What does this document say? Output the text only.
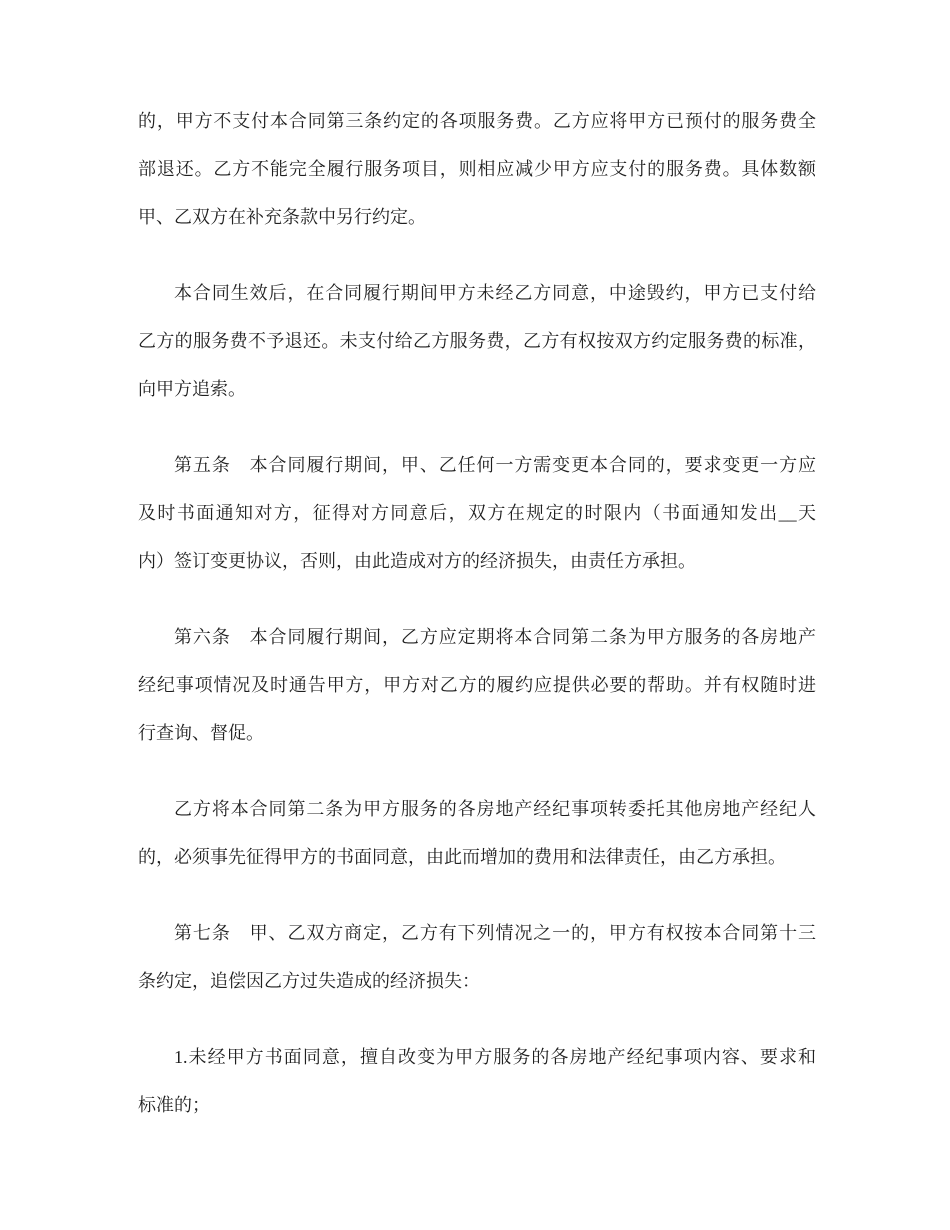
的，甲方不支付本合同第三条约定的各项服务费。乙方应将甲方已预付的服务费全
部退还。乙方不能完全履行服务项目，则相应减少甲方应支付的服务费。具体数额
甲、乙双方在补充条款中另行约定。
本合同生效后，在合同履行期间甲方未经乙方同意，中途毁约，甲方已支付给
乙方的服务费不予退还。未支付给乙方服务费，乙方有权按双方约定服务费的标准，
向甲方追索。
第五条　本合同履行期间，甲、乙任何一方需变更本合同的，要求变更一方应
及时书面通知对方，征得对方同意后，双方在规定的时限内（书面通知发出__天
内）签订变更协议，否则，由此造成对方的经济损失，由责任方承担。
第六条　本合同履行期间，乙方应定期将本合同第二条为甲方服务的各房地产
经纪事项情况及时通告甲方，甲方对乙方的履约应提供必要的帮助。并有权随时进
行查询、督促。
乙方将本合同第二条为甲方服务的各房地产经纪事项转委托其他房地产经纪人
的，必须事先征得甲方的书面同意，由此而增加的费用和法律责任，由乙方承担。
第七条　甲、乙双方商定，乙方有下列情况之一的，甲方有权按本合同第十三
条约定，追偿因乙方过失造成的经济损失：
1.未经甲方书面同意，擅自改变为甲方服务的各房地产经纪事项内容、要求和
标准的；
